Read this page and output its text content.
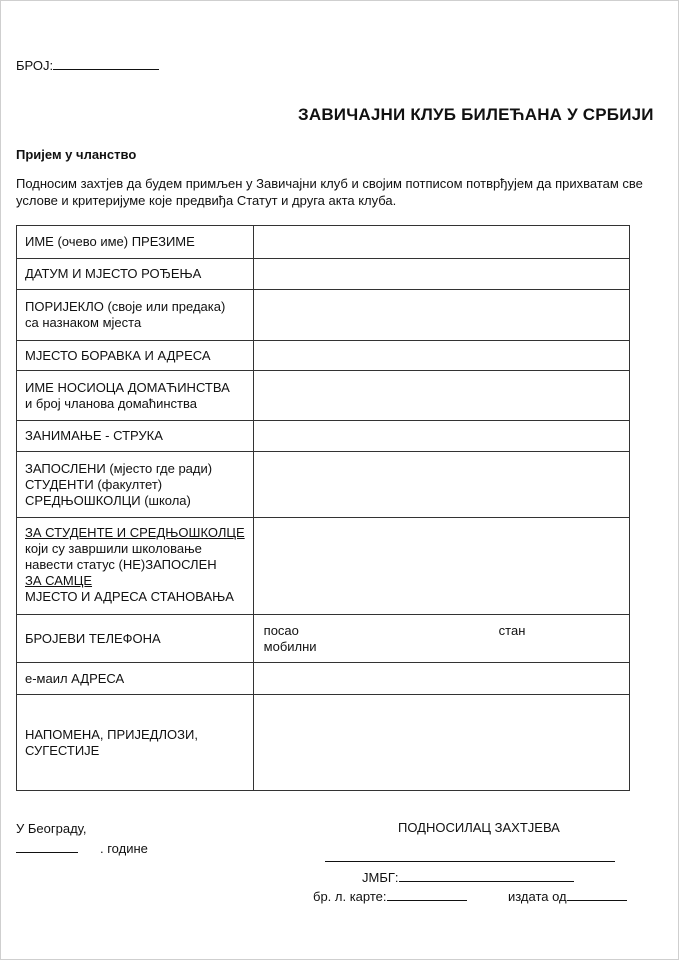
БРОЈ:
ЗАВИЧАЈНИ КЛУБ БИЛЕЋАНА У СРБИЈИ
Пријем у чланство
Подносим захтјев да будем примљен у Завичајни клуб и својим потписом потврђујем да прихватам све
услове и критеријуме које предвиђа Статут и друга акта клуба.
ИМЕ (очево име) ПРЕЗИМЕ	
ДАТУМ И МЈЕСТО РОЂЕЊА	

ПОРИЈЕКЛО (своје или предака)
са назнаком мјеста	

МЈЕСТО БОРАВКА И АДРЕСА	

ИМЕ НОСИОЦА ДОМАЋИНСТВА
и број чланова домаћинства	

ЗАНИМАЊЕ - СТРУКА	

ЗАПОСЛЕНИ (мјесто где ради)
СТУДЕНТИ (факултет)
СРЕДЊОШКОЛЦИ (школа)	

ЗА СТУДЕНТЕ И СРЕДЊОШКОЛЦЕ
који су завршили школовање
навести статус (НЕ)ЗАПОСЛЕН
ЗА САМЦЕ
МЈЕСТО И АДРЕСА СТАНОВАЊА	

БРОЈЕВИ ТЕЛЕФОНА	посао стан
мобилни

е-маил АДРЕСА	

НАПОМЕНА, ПРИЈЕДЛОЗИ,
СУГЕСТИЈЕ	

У Београду,
. године
ПОДНОСИЛАЦ ЗАХТЈЕВА
ЈМБГ:
бр. л. карте:	издата од
